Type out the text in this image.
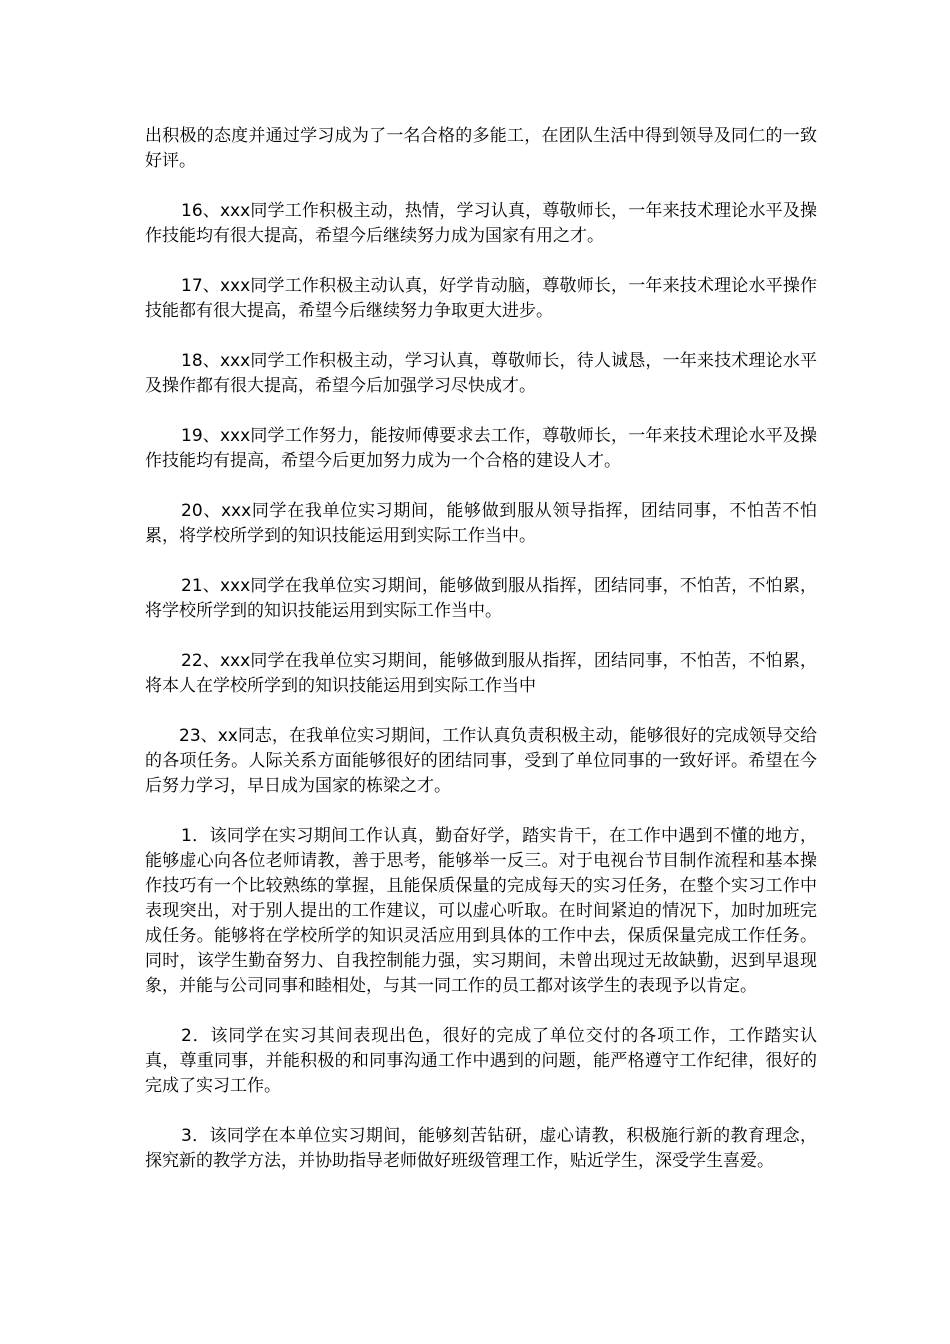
出积极的态度并通过学习成为了一名合格的多能工，在团队生活中得到领导及同仁的一致好评。

16、xxx同学工作积极主动，热情，学习认真，尊敬师长，一年来技术理论水平及操作技能均有很大提高，希望今后继续努力成为国家有用之才。

17、xxx同学工作积极主动认真，好学肯动脑，尊敬师长，一年来技术理论水平操作技能都有很大提高，希望今后继续努力争取更大进步。

18、xxx同学工作积极主动，学习认真，尊敬师长，待人诚恳，一年来技术理论水平及操作都有很大提高，希望今后加强学习尽快成才。

19、xxx同学工作努力，能按师傅要求去工作，尊敬师长，一年来技术理论水平及操作技能均有提高，希望今后更加努力成为一个合格的建设人才。

20、xxx同学在我单位实习期间，能够做到服从领导指挥，团结同事，不怕苦不怕累，将学校所学到的知识技能运用到实际工作当中。

21、xxx同学在我单位实习期间，能够做到服从指挥，团结同事，不怕苦，不怕累，将学校所学到的知识技能运用到实际工作当中。

22、xxx同学在我单位实习期间，能够做到服从指挥，团结同事，不怕苦，不怕累，将本人在学校所学到的知识技能运用到实际工作当中

23、xx同志，在我单位实习期间，工作认真负责积极主动，能够很好的完成领导交给的各项任务。人际关系方面能够很好的团结同事，受到了单位同事的一致好评。希望在今后努力学习，早日成为国家的栋梁之才。

1．该同学在实习期间工作认真，勤奋好学，踏实肯干，在工作中遇到不懂的地方，能够虚心向各位老师请教，善于思考，能够举一反三。对于电视台节目制作流程和基本操作技巧有一个比较熟练的掌握，且能保质保量的完成每天的实习任务，在整个实习工作中表现突出，对于别人提出的工作建议，可以虚心听取。在时间紧迫的情况下，加时加班完成任务。能够将在学校所学的知识灵活应用到具体的工作中去，保质保量完成工作任务。同时，该学生勤奋努力、自我控制能力强，实习期间，未曾出现过无故缺勤，迟到早退现象，并能与公司同事和睦相处，与其一同工作的员工都对该学生的表现予以肯定。

2．该同学在实习其间表现出色，很好的完成了单位交付的各项工作，工作踏实认真，尊重同事，并能积极的和同事沟通工作中遇到的问题，能严格遵守工作纪律，很好的完成了实习工作。

3．该同学在本单位实习期间，能够刻苦钻研，虚心请教，积极施行新的教育理念，探究新的教学方法，并协助指导老师做好班级管理工作，贴近学生，深受学生喜爱。
